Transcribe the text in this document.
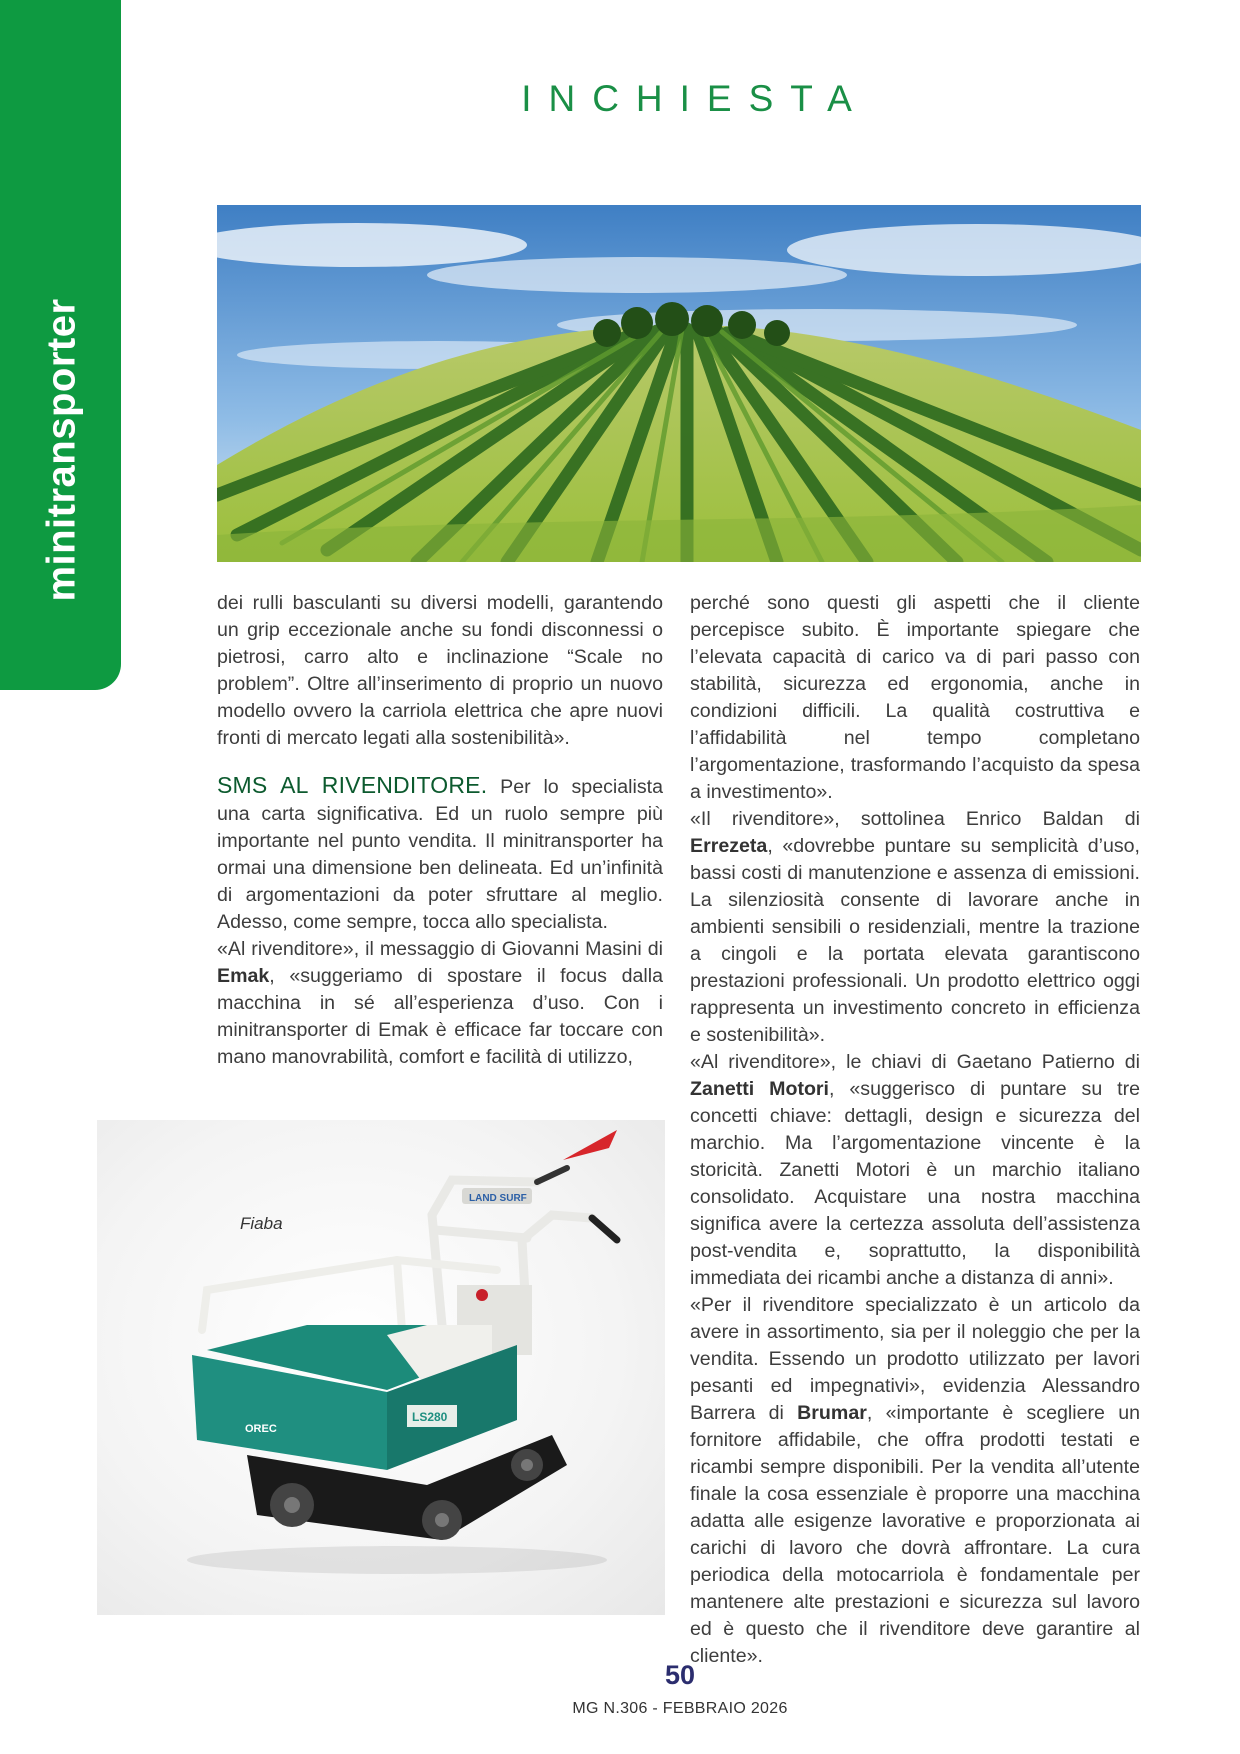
minitransporter
INCHIESTA

dei rulli basculanti su diversi modelli, garantendo un grip eccezionale anche su fondi disconnessi o pietrosi, carro alto e inclinazione “Scale no problem”. Oltre all’inserimento di proprio un nuovo modello ovvero la carriola elettrica che apre nuovi fronti di mercato legati alla sostenibilità».

SMS AL RIVENDITORE. Per lo specialista una carta significativa. Ed un ruolo sempre più importante nel punto vendita. Il minitransporter ha ormai una dimensione ben delineata. Ed un’infinità di argomentazioni da poter sfruttare al meglio. Adesso, come sempre, tocca allo specialista.

«Al rivenditore», il messaggio di Giovanni Masini di Emak, «suggeriamo di spostare il focus dalla macchina in sé all’esperienza d’uso. Con i minitransporter di Emak è efficace far toccare con mano manovrabilità, comfort e facilità di utilizzo,

perché sono questi gli aspetti che il cliente percepisce subito. È importante spiegare che l’elevata capacità di carico va di pari passo con stabilità, sicurezza ed ergonomia, anche in condizioni difficili. La qualità costruttiva e l’affidabilità nel tempo completano l’argomentazione, trasformando l’acquisto da spesa a investimento».

«Il rivenditore», sottolinea Enrico Baldan di Errezeta, «dovrebbe puntare su semplicità d’uso, bassi costi di manutenzione e assenza di emissioni. La silenziosità consente di lavorare anche in ambienti sensibili o residenziali, mentre la trazione a cingoli e la portata elevata garantiscono prestazioni professionali. Un prodotto elettrico oggi rappresenta un investimento concreto in efficienza e sostenibilità».

«Al rivenditore», le chiavi di Gaetano Patierno di Zanetti Motori, «suggerisco di puntare su tre concetti chiave: dettagli, design e sicurezza del marchio. Ma l’argomentazione vincente è la storicità. Zanetti Motori è un marchio italiano consolidato. Acquistare una nostra macchina significa avere la certezza assoluta dell’assistenza post-vendita e, soprattutto, la disponibilità immediata dei ricambi anche a distanza di anni».

«Per il rivenditore specializzato è un articolo da avere in assortimento, sia per il noleggio che per la vendita. Essendo un prodotto utilizzato per lavori pesanti ed impegnativi», evidenzia Alessandro Barrera di Brumar, «importante è scegliere un fornitore affidabile, che offra prodotti testati e ricambi sempre disponibili. Per la vendita all’utente finale la cosa essenziale è proporre una macchina adatta alle esigenze lavorative e proporzionata ai carichi di lavoro che dovrà affrontare. La cura periodica della motocarriola è fondamentale per mantenere alte prestazioni e sicurezza sul lavoro ed è questo che il rivenditore deve garantire al cliente».

LAND SURF
LS280
OREC
Fiaba
50
MG N.306 - FEBBRAIO 2026
